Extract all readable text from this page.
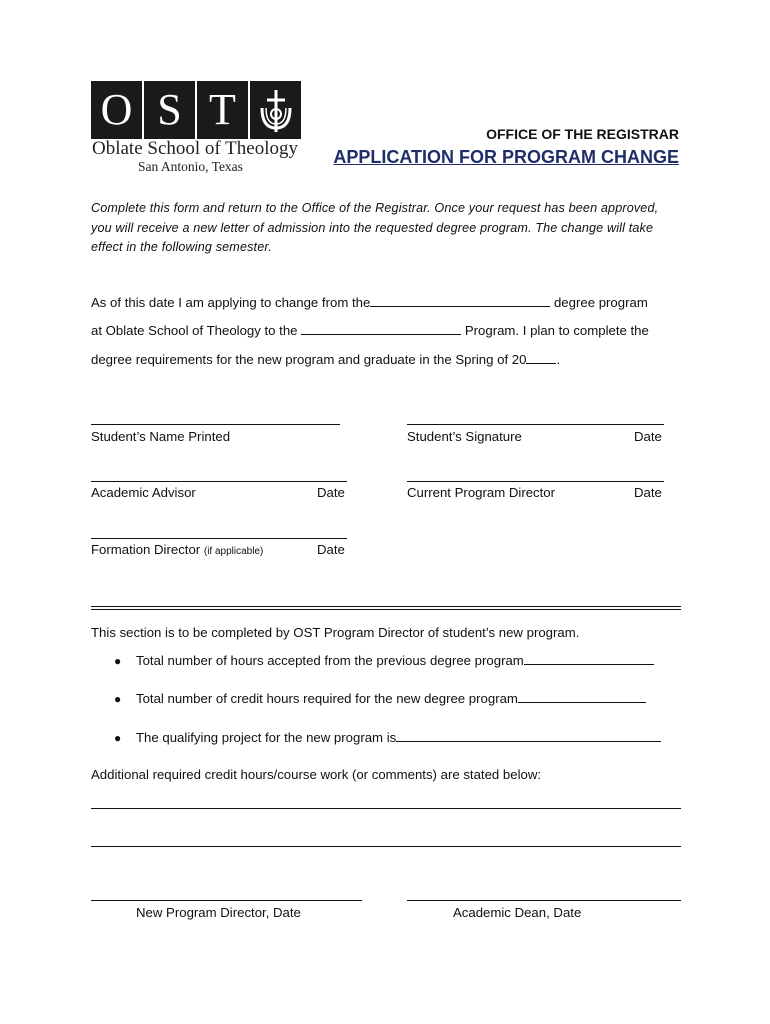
O S T
Oblate School of Theology
San Antonio, Texas
OFFICE OF THE REGISTRAR
APPLICATION FOR PROGRAM CHANGE
Complete this form and return to the Office of the Registrar. Once your request has been approved, you will receive a new letter of admission into the requested degree program. The change will take effect in the following semester.
As of this date I am applying to change from the	degree program
at Oblate School of Theology to the	Program. I plan to complete the
degree requirements for the new program and graduate in the Spring of 20 .
Student’s Name Printed	Student’s Signature	Date
Academic Advisor	Date	Current Program Director	Date
Formation Director (if applicable)	Date
This section is to be completed by OST Program Director of student’s new program.
● Total number of hours accepted from the previous degree program
● Total number of credit hours required for the new degree program
● The qualifying project for the new program is
Additional required credit hours/course work (or comments) are stated below:
New Program Director, Date	Academic Dean, Date
